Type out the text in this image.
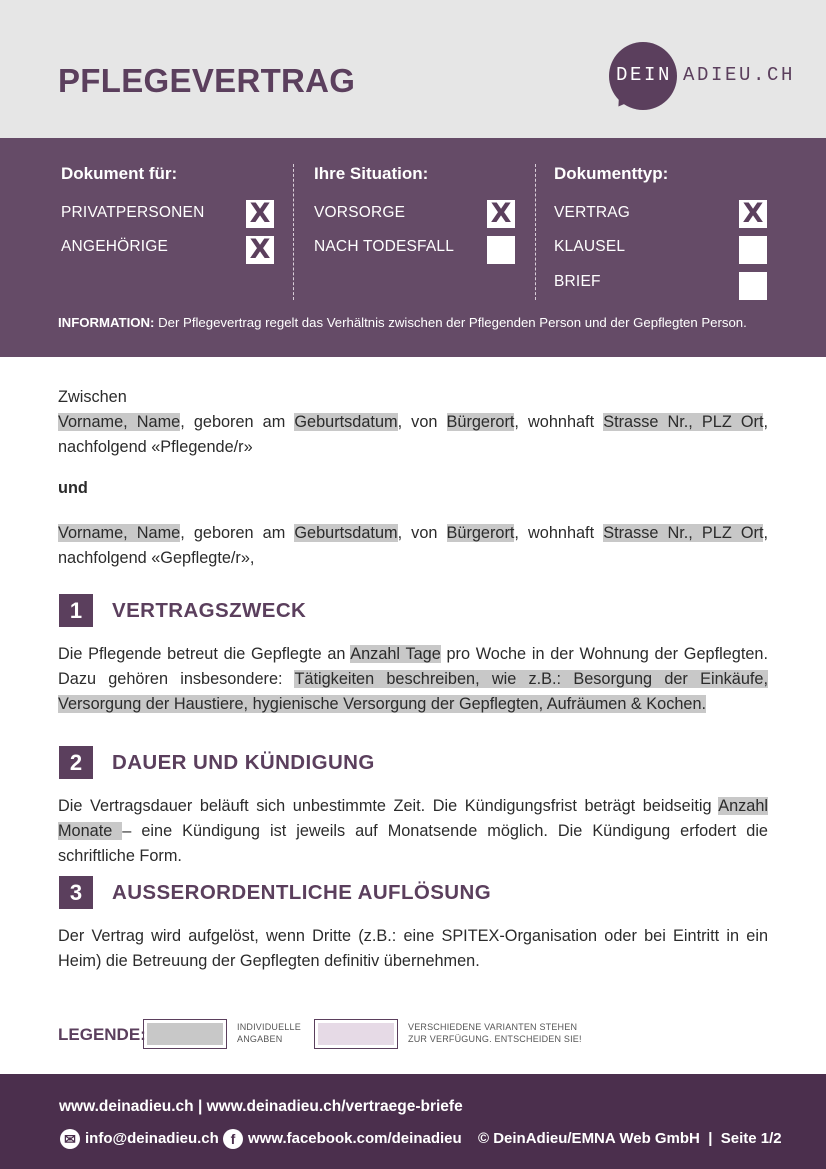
PFLEGEVERTRAG	DEIN ADIEU.CH
Dokument für:
PRIVATPERSONEN X
ANGEHÖRIGE	X
Ihre Situation:
VORSORGE	X
NACH TODESFALL
Dokumenttyp:
VERTRAG	X
KLAUSEL
BRIEF
INFORMATION: Der Pflegevertrag regelt das Verhältnis zwischen der Pflegenden Person und der Gepflegten Person.
Zwischen
Vorname, Name, geboren am Geburtsdatum, von Bürgerort, wohnhaft Strasse Nr., PLZ Ort, nachfolgend «Pflegende/r»
und
Vorname, Name, geboren am Geburtsdatum, von Bürgerort, wohnhaft Strasse Nr., PLZ Ort, nachfolgend «Gepflegte/r»,
1	VERTRAGSZWECK
Die Pflegende betreut die Gepflegte an Anzahl Tage pro Woche in der Wohnung der Gepflegten. Dazu gehören insbesondere: Tätigkeiten beschreiben, wie z.B.: Besorgung der Einkäufe, Versorgung der Haustiere, hygienische Versorgung der Gepflegten, Aufräumen & Kochen.
2	DAUER UND KÜNDIGUNG
Die Vertragsdauer beläuft sich unbestimmte Zeit. Die Kündigungsfrist beträgt beidseitig Anzahl Monate – eine Kündigung ist jeweils auf Monatsende möglich. Die Kündigung erfodert die schriftliche Form.
3	AUSSERORDENTLICHE AUFLÖSUNG
Der Vertrag wird aufgelöst, wenn Dritte (z.B.: eine SPITEX-Organisation oder bei Eintritt in ein Heim) die Betreuung der Gepflegten definitiv übernehmen.
LEGENDE:	INDIVIDUELLE
ANGABEN
VERSCHIEDENE VARIANTEN STEHEN
ZUR VERFÜGUNG. ENTSCHEIDEN SIE!
www.deinadieu.ch | www.deinadieu.ch/vertraege-briefe
✉ info@deinadieu.ch f www.facebook.com/deinadieu © DeinAdieu/EMNA Web GmbH  |  Seite 1/2
